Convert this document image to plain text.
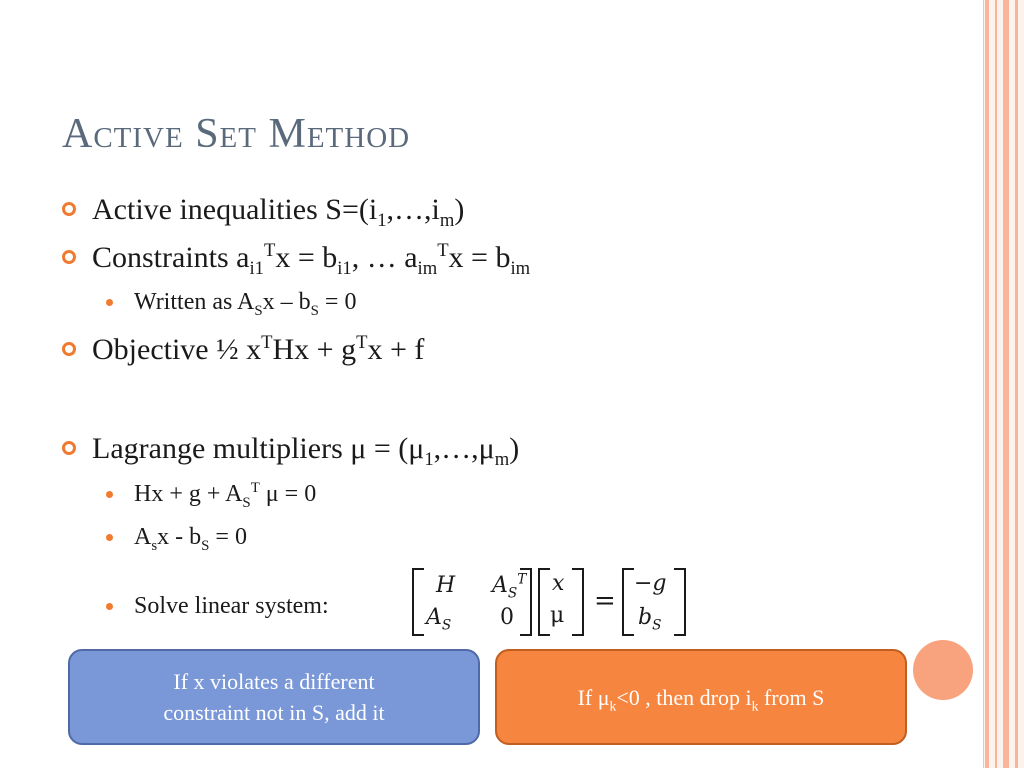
Active Set Method
Active inequalities $S=(i_1,\dots,i_m)$
Constraints $a_{i1}^Tx = b_{i1}$, … $a_{im}^Tx = b_{im}$
Written as $A_Sx - b_S = 0$
Objective ½ $x^THx + g^Tx + f$
Lagrange multipliers $\mu = (\mu_1,\dots,\mu_m)$
$Hx + g + A_S^T$ μ = 0
$A_sx - b_S = 0$
Solve linear system:
H $A_S^T$
$A_S$ 0
x
μ =
−g
$b_S$
If x violates a different
constraint not in S, add it
If $\mu_k<0$ , then drop $i_k$ from S
